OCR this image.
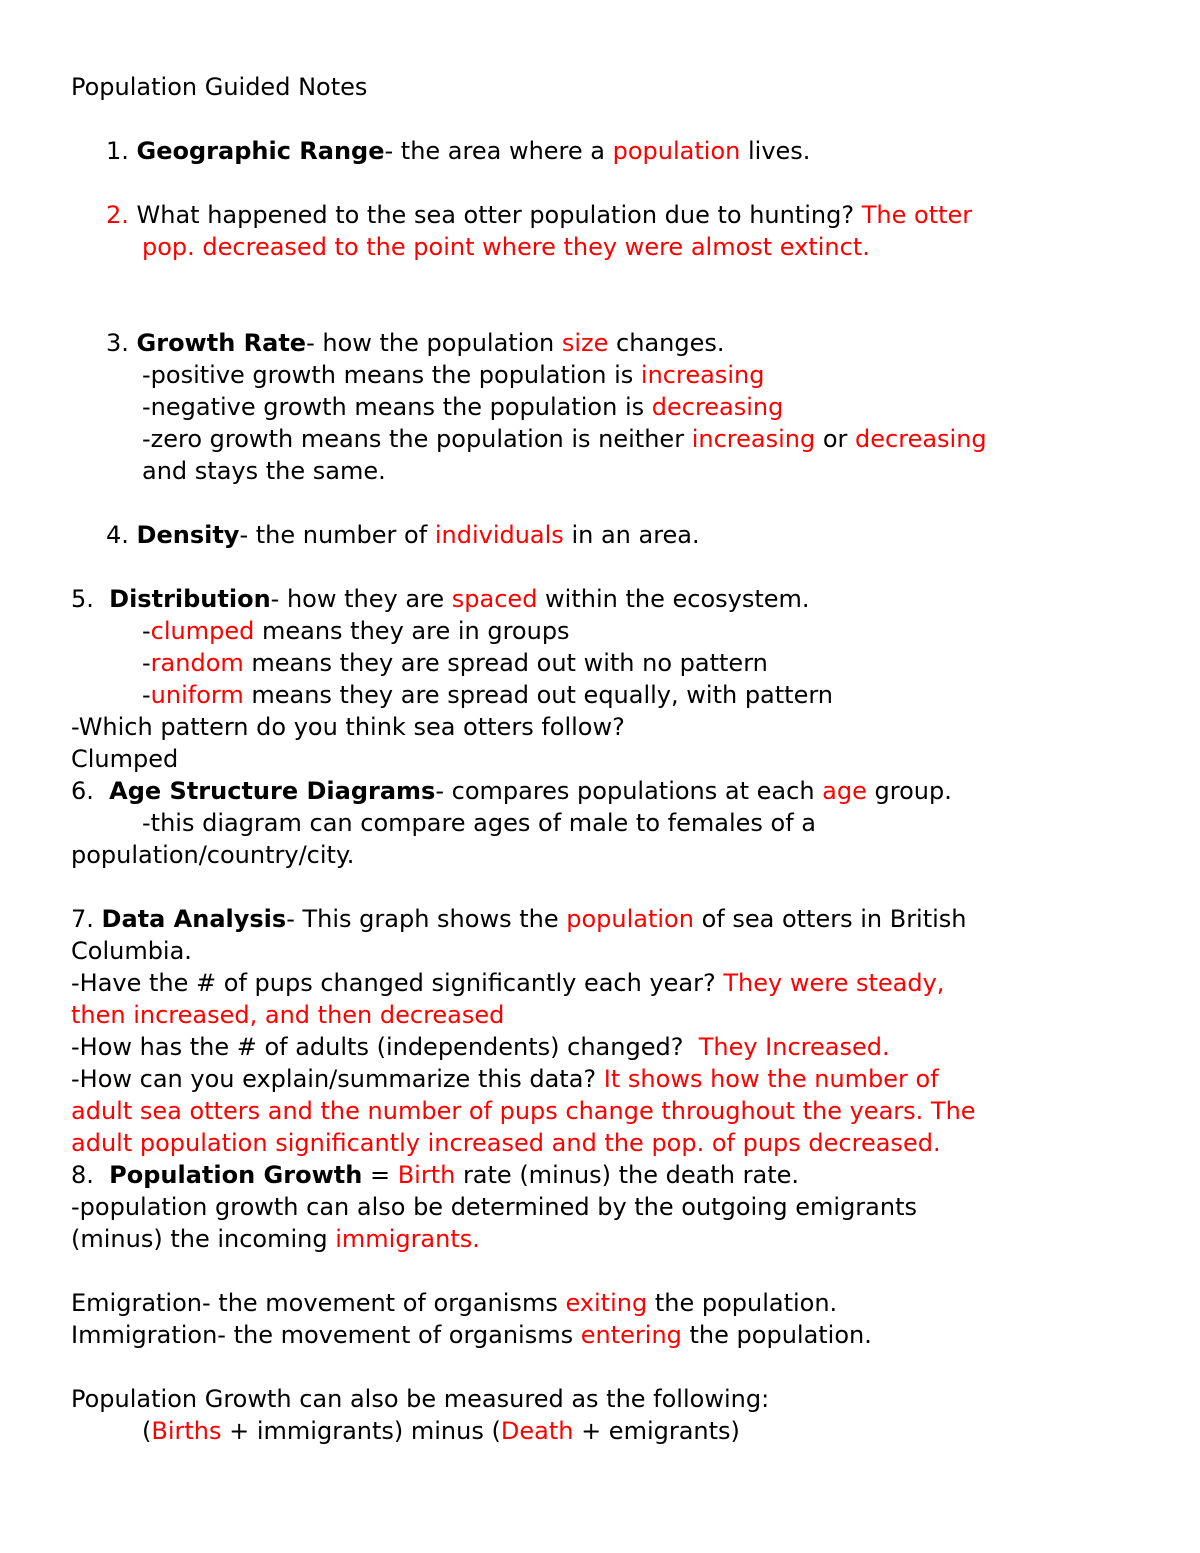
Population Guided Notes
1. Geographic Range- the area where a population lives.
2. What happened to the sea otter population due to hunting? The otter
pop. decreased to the point where they were almost extinct.
3. Growth Rate- how the population size changes.
-positive growth means the population is increasing
-negative growth means the population is decreasing
-zero growth means the population is neither increasing or decreasing
and stays the same.
4. Density- the number of individuals in an area.
5.  Distribution- how they are spaced within the ecosystem.
-clumped means they are in groups
-random means they are spread out with no pattern
-uniform means they are spread out equally, with pattern
-Which pattern do you think sea otters follow?
Clumped
6.  Age Structure Diagrams- compares populations at each age group.
-this diagram can compare ages of male to females of a
population/country/city.
7. Data Analysis- This graph shows the population of sea otters in British
Columbia.
-Have the # of pups changed significantly each year? They were steady,
then increased, and then decreased
-How has the # of adults (independents) changed?  They Increased.
-How can you explain/summarize this data? It shows how the number of
adult sea otters and the number of pups change throughout the years. The
adult population significantly increased and the pop. of pups decreased.
8.  Population Growth = Birth rate (minus) the death rate.
-population growth can also be determined by the outgoing emigrants
(minus) the incoming immigrants.
Emigration- the movement of organisms exiting the population.
Immigration- the movement of organisms entering the population.
Population Growth can also be measured as the following:
(Births + immigrants) minus (Death + emigrants)
